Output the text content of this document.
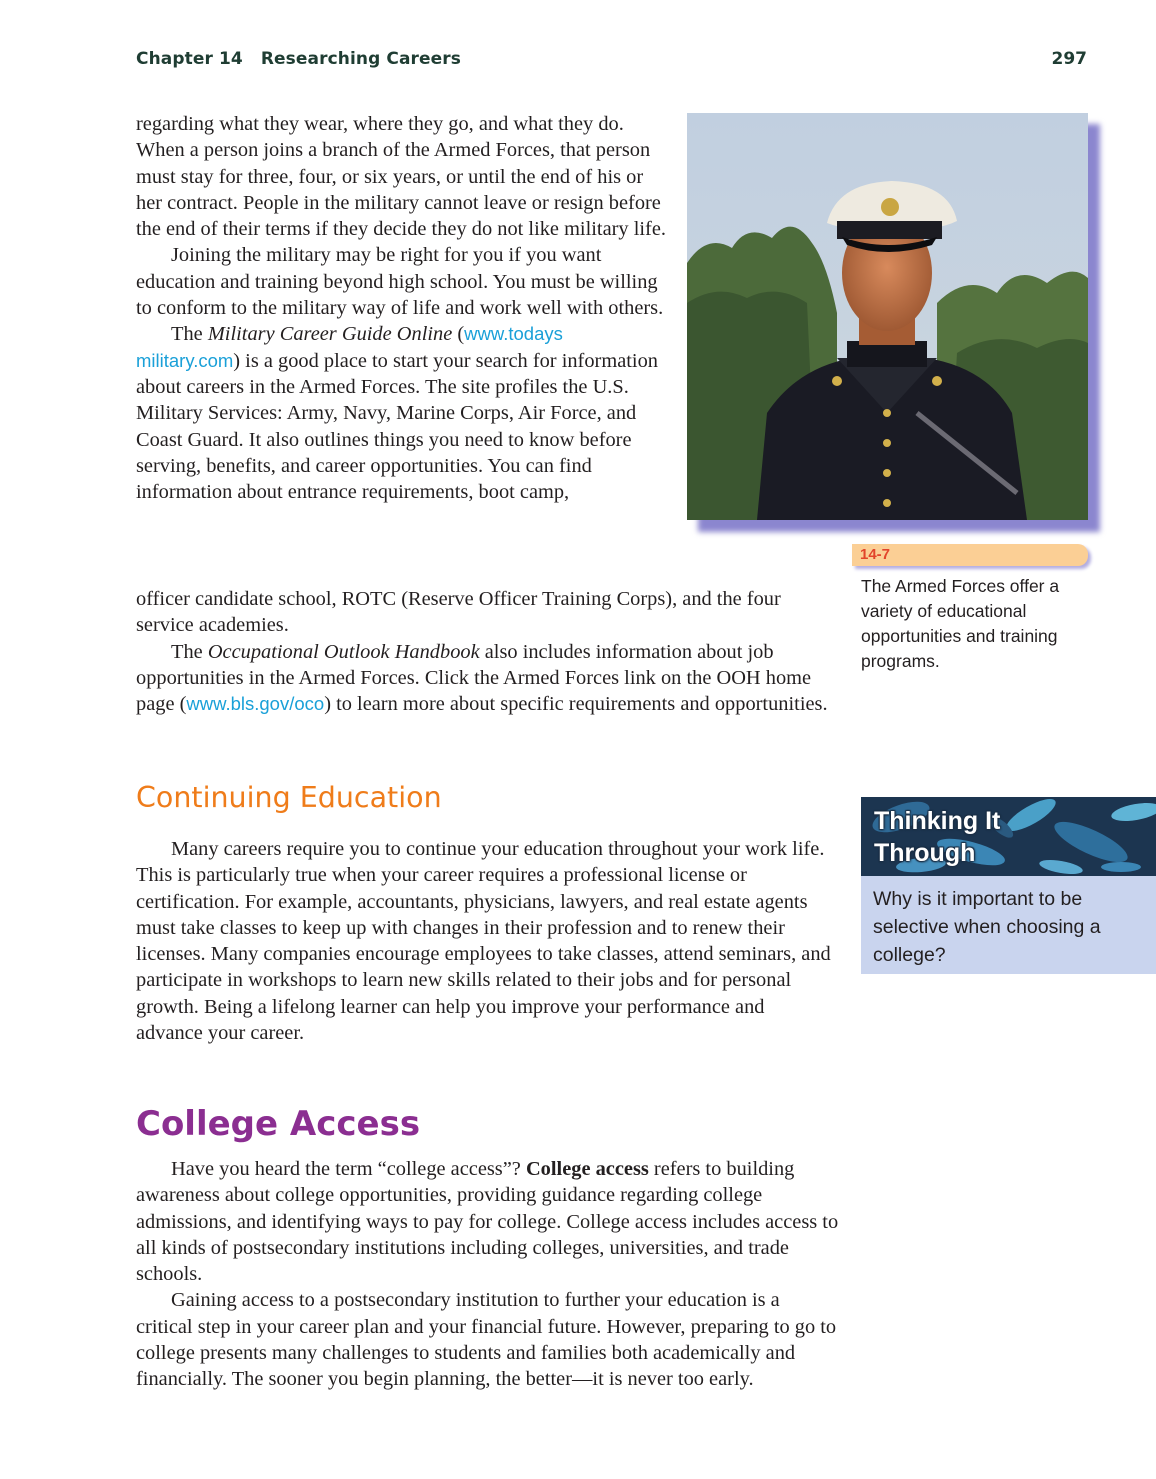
Chapter 14 Researching Careers	297

regarding what they wear, where they go, and what they do. When a person joins a branch of the Armed Forces, that person must stay for three, four, or six years, or until the end of his or her contract. People in the military cannot leave or resign before the end of their terms if they decide they do not like military life.

Joining the military may be right for you if you want education and training beyond high school. You must be willing to conform to the military way of life and work well with others.

The Military Career Guide Online (www.todays military.com) is a good place to start your search for information about careers in the Armed Forces. The site profiles the U.S. Military Services: Army, Navy, Marine Corps, Air Force, and Coast Guard. It also outlines things you need to know before serving, benefits, and career opportunities. You can find information about entrance requirements, boot camp,

officer candidate school, ROTC (Reserve Officer Training Corps), and the four service academies.

The Occupational Outlook Handbook also includes information about job opportunities in the Armed Forces. Click the Armed Forces link on the OOH home page (www.bls.gov/oco) to learn more about specific requirements and opportunities.

14-7
The Armed Forces offer a variety of educational opportunities and training programs.
Continuing Education

Many careers require you to continue your education throughout your work life. This is particularly true when your career requires a professional license or certification. For example, accountants, physicians, lawyers, and real estate agents must take classes to keep up with changes in their profession and to renew their licenses. Many companies encourage employees to take classes, attend seminars, and participate in workshops to learn new skills related to their jobs and for personal growth. Being a lifelong learner can help you improve your performance and advance your career.

Thinking It
Through
Why is it important to be selective when choosing a college?
College Access

Have you heard the term “college access”? College access refers to building awareness about college opportunities, providing guidance regarding college admissions, and identifying ways to pay for college. College access includes access to all kinds of postsecondary institutions including colleges, universities, and trade schools.

Gaining access to a postsecondary institution to further your education is a critical step in your career plan and your financial future. However, preparing to go to college presents many challenges to students and families both academically and financially. The sooner you begin planning, the better—it is never too early.
